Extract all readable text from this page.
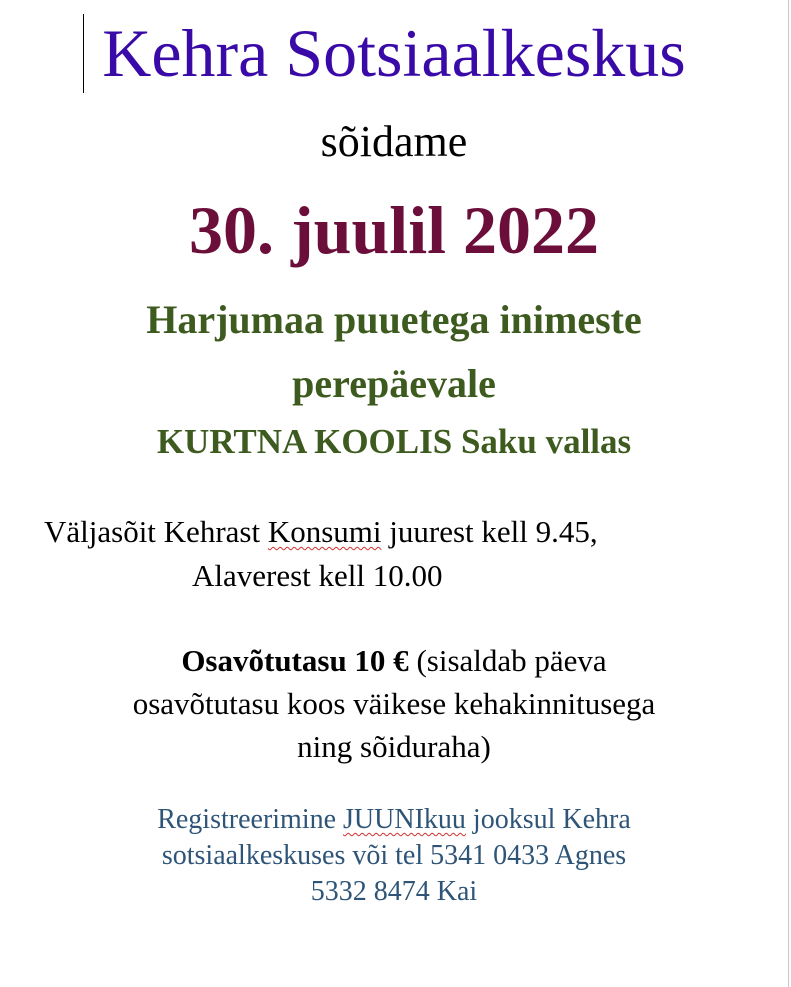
Kehra Sotsiaalkeskus
sõidame
30. juulil 2022
Harjumaa puuetega inimeste
perepäevale
KURTNA KOOLIS Saku vallas
Väljasõit Kehrast Konsumi juurest kell 9.45,
Alaverest kell 10.00
Osavõtutasu 10 € (sisaldab päeva
osavõtutasu koos väikese kehakinnitusega
ning sõiduraha)
Registreerimine JUUNIkuu jooksul Kehra
sotsiaalkeskuses või tel 5341 0433 Agnes
5332 8474 Kai
